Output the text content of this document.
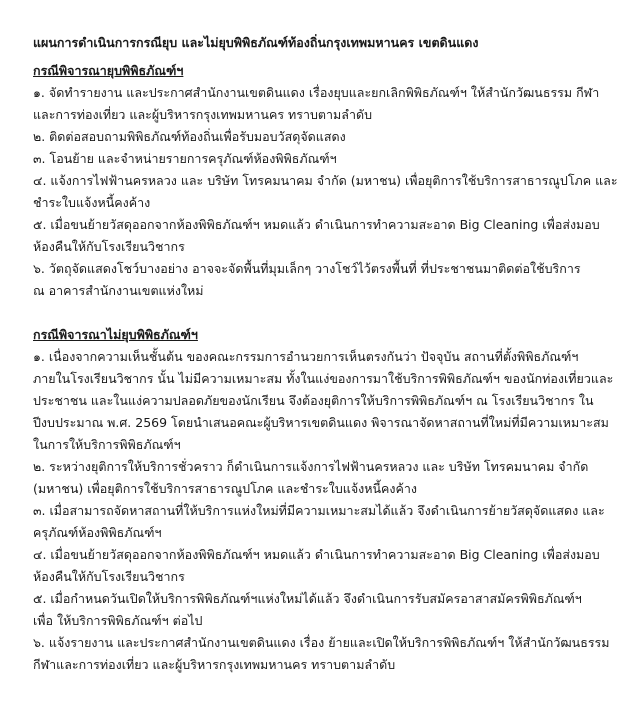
แผนการดำเนินการกรณียุบ และไม่ยุบพิพิธภัณฑ์ท้องถิ่นกรุงเทพมหานคร เขตดินแดง
กรณีพิจารณายุบพิพิธภัณฑ์ฯ
๑. จัดทำรายงาน และประกาศสำนักงานเขตดินแดง เรื่องยุบและยกเลิกพิพิธภัณฑ์ฯ ให้สำนักวัฒนธรรม กีฬา
และการท่องเที่ยว และผู้บริหารกรุงเทพมหานคร ทราบตามลำดับ
๒. ติดต่อสอบถามพิพิธภัณฑ์ท้องถิ่นเพื่อรับมอบวัสดุจัดแสดง
๓. โอนย้าย และจำหน่ายรายการครุภัณฑ์ห้องพิพิธภัณฑ์ฯ
๔. แจ้งการไฟฟ้านครหลวง และ บริษัท โทรคมนาคม จำกัด (มหาชน) เพื่อยุติการใช้บริการสาธารณูปโภค และ
ชำระใบแจ้งหนี้คงค้าง
๕. เมื่อขนย้ายวัสดุออกจากห้องพิพิธภัณฑ์ฯ หมดแล้ว ดำเนินการทำความสะอาด Big Cleaning เพื่อส่งมอบ
ห้องคืนให้กับโรงเรียนวิชากร
๖. วัตถุจัดแสดงโชว์บางอย่าง อาจจะจัดพื้นที่มุมเล็กๆ วางโชว์ไว้ตรงพื้นที่ ที่ประชาชนมาติดต่อใช้บริการ
ณ อาคารสำนักงานเขตแห่งใหม่
กรณีพิจารณาไม่ยุบพิพิธภัณฑ์ฯ
๑. เนื่องจากความเห็นชั้นต้น ของคณะกรรมการอำนวยการเห็นตรงกันว่า ปัจจุบัน สถานที่ตั้งพิพิธภัณฑ์ฯ
ภายในโรงเรียนวิชากร นั้น ไม่มีความเหมาะสม ทั้งในแง่ของการมาใช้บริการพิพิธภัณฑ์ฯ ของนักท่องเที่ยวและ
ประชาชน และในแง่ความปลอดภัยของนักเรียน จึงต้องยุติการให้บริการพิพิธภัณฑ์ฯ ณ โรงเรียนวิชากร ใน
ปีงบประมาณ พ.ศ. 2569 โดยนำเสนอคณะผู้บริหารเขตดินแดง พิจารณาจัดหาสถานที่ใหม่ที่มีความเหมาะสม
ในการให้บริการพิพิธภัณฑ์ฯ
๒. ระหว่างยุติการให้บริการชั่วคราว ก็ดำเนินการแจ้งการไฟฟ้านครหลวง และ บริษัท โทรคมนาคม จำกัด
(มหาชน) เพื่อยุติการใช้บริการสาธารณูปโภค และชำระใบแจ้งหนี้คงค้าง
๓. เมื่อสามารถจัดหาสถานที่ให้บริการแห่งใหม่ที่มีความเหมาะสมได้แล้ว จึงดำเนินการย้ายวัสดุจัดแสดง และ
ครุภัณฑ์ห้องพิพิธภัณฑ์ฯ
๔. เมื่อขนย้ายวัสดุออกจากห้องพิพิธภัณฑ์ฯ หมดแล้ว ดำเนินการทำความสะอาด Big Cleaning เพื่อส่งมอบ
ห้องคืนให้กับโรงเรียนวิชากร
๕. เมื่อกำหนดวันเปิดให้บริการพิพิธภัณฑ์ฯแห่งใหม่ได้แล้ว จึงดำเนินการรับสมัครอาสาสมัครพิพิธภัณฑ์ฯ
เพื่อ ให้บริการพิพิธภัณฑ์ฯ ต่อไป
๖. แจ้งรายงาน และประกาศสำนักงานเขตดินแดง เรื่อง ย้ายและเปิดให้บริการพิพิธภัณฑ์ฯ ให้สำนักวัฒนธรรม
กีฬาและการท่องเที่ยว และผู้บริหารกรุงเทพมหานคร ทราบตามลำดับ
